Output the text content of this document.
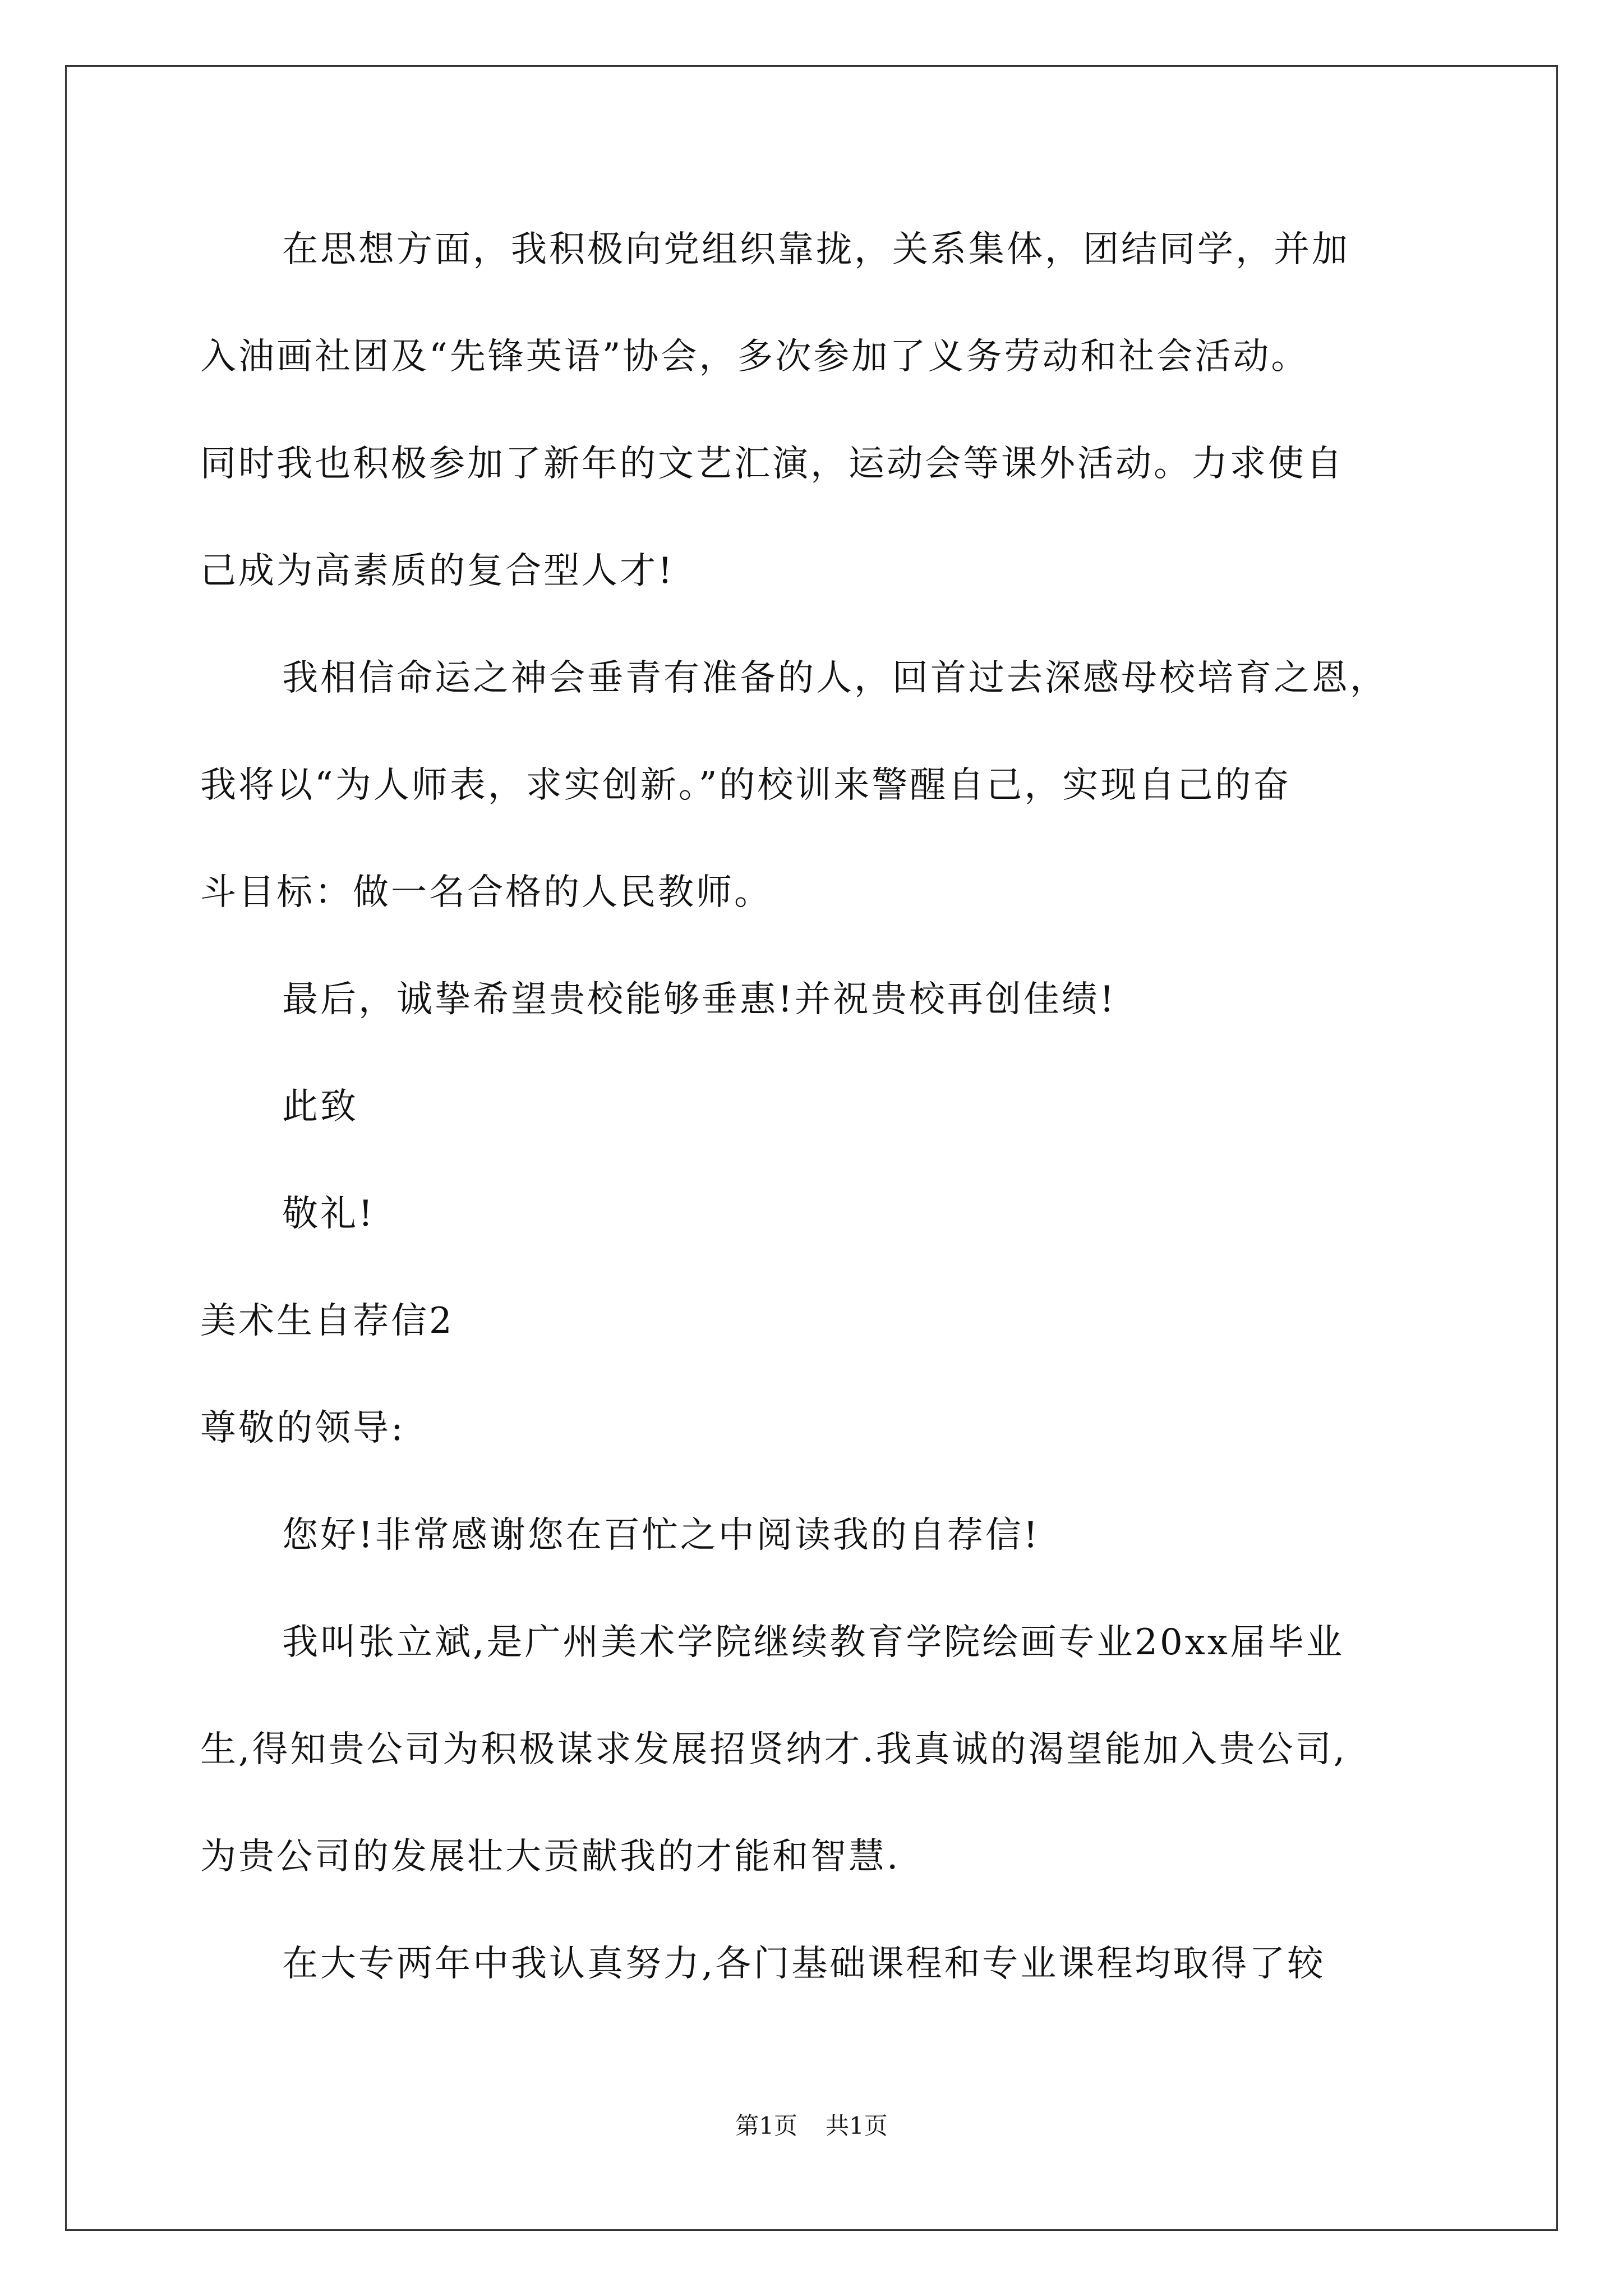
在思想方面，我积极向党组织靠拢，关系集体，团结同学，并加
入油画社团及“先锋英语”协会，多次参加了义务劳动和社会活动。
同时我也积极参加了新年的文艺汇演，运动会等课外活动。力求使自
己成为高素质的复合型人才!
我相信命运之神会垂青有准备的人，回首过去深感母校培育之恩，
我将以“为人师表，求实创新。”的校训来警醒自己，实现自己的奋
斗目标：做一名合格的人民教师。
最后，诚挚希望贵校能够垂惠!并祝贵校再创佳绩!
此致
敬礼!
美术生自荐信2
尊敬的领导:
您好!非常感谢您在百忙之中阅读我的自荐信!
我叫张立斌,是广州美术学院继续教育学院绘画专业20xx届毕业
生,得知贵公司为积极谋求发展招贤纳才.我真诚的渴望能加入贵公司,
为贵公司的发展壮大贡献我的才能和智慧.
在大专两年中我认真努力,各门基础课程和专业课程均取得了较
第1页 共1页
